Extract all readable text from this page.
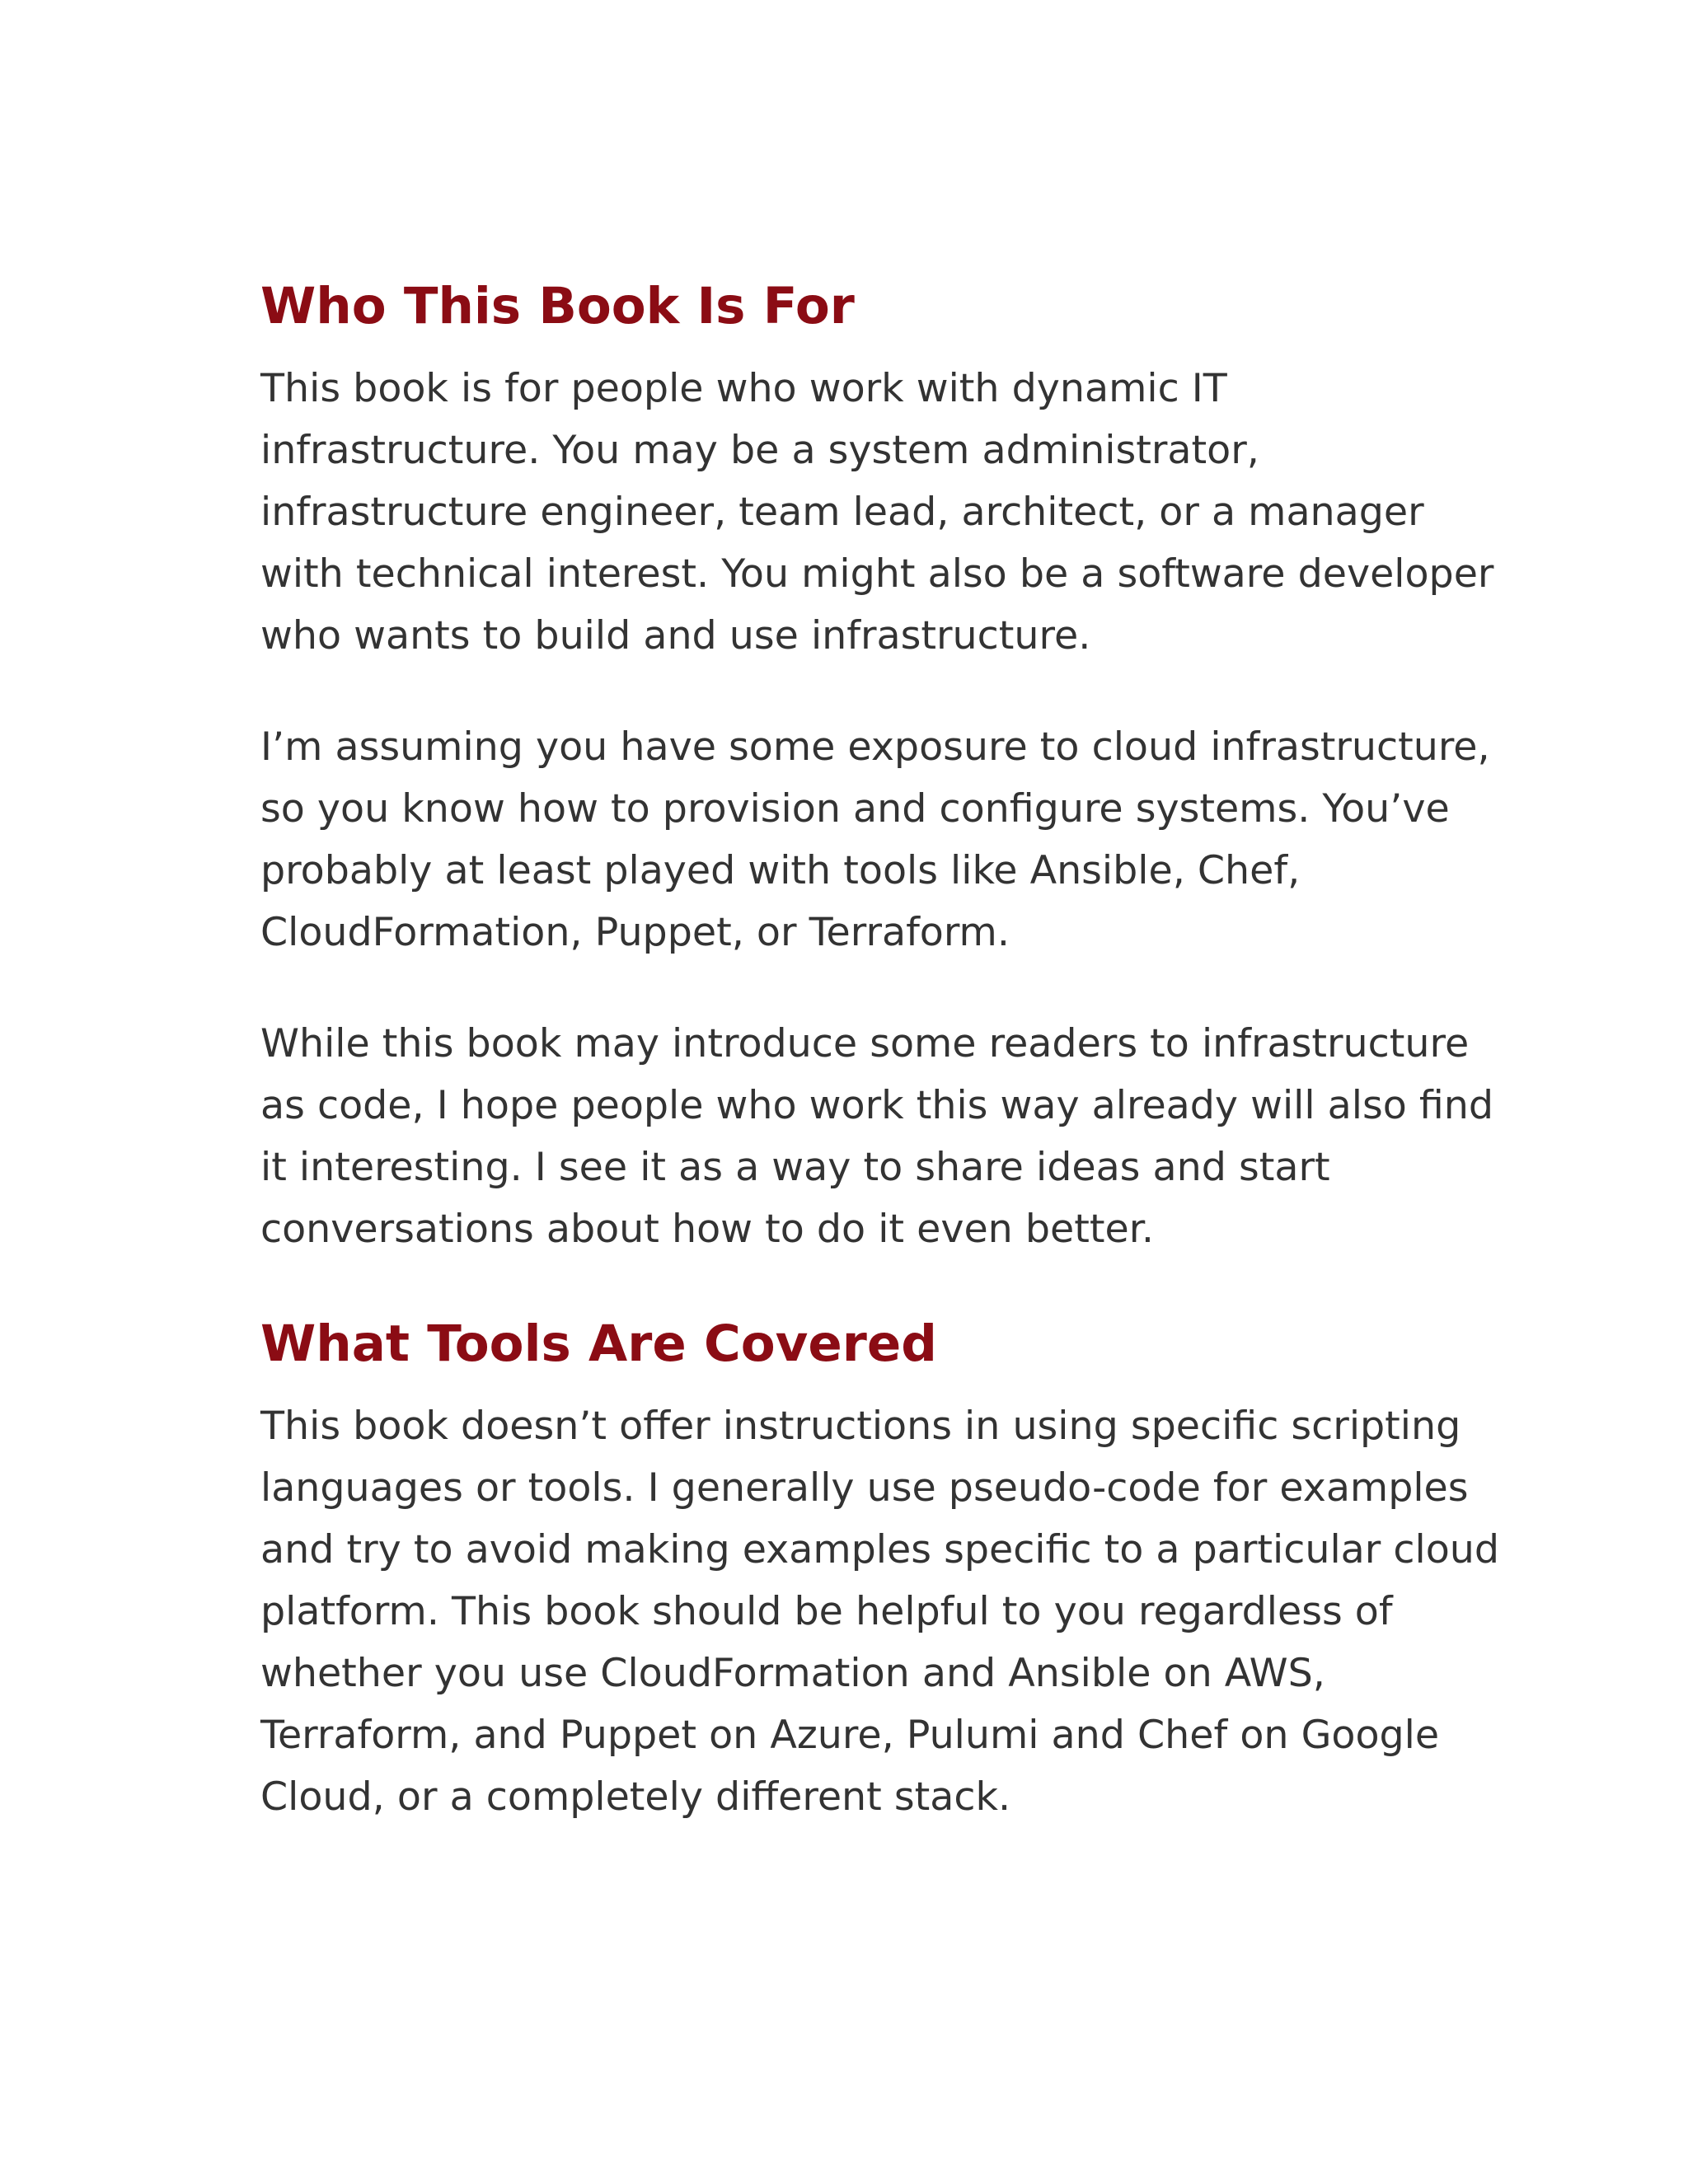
Who This Book Is For

This book is for people who work with dynamic IT
infrastructure. You may be a system administrator,
infrastructure engineer, team lead, architect, or a manager
with technical interest. You might also be a software developer
who wants to build and use infrastructure.

I’m assuming you have some exposure to cloud infrastructure,
so you know how to provision and configure systems. You’ve
probably at least played with tools like Ansible, Chef,
CloudFormation, Puppet, or Terraform.

While this book may introduce some readers to infrastructure
as code, I hope people who work this way already will also find
it interesting. I see it as a way to share ideas and start
conversations about how to do it even better.

What Tools Are Covered

This book doesn’t offer instructions in using specific scripting
languages or tools. I generally use pseudo-code for examples
and try to avoid making examples specific to a particular cloud
platform. This book should be helpful to you regardless of
whether you use CloudFormation and Ansible on AWS,
Terraform, and Puppet on Azure, Pulumi and Chef on Google
Cloud, or a completely different stack.
